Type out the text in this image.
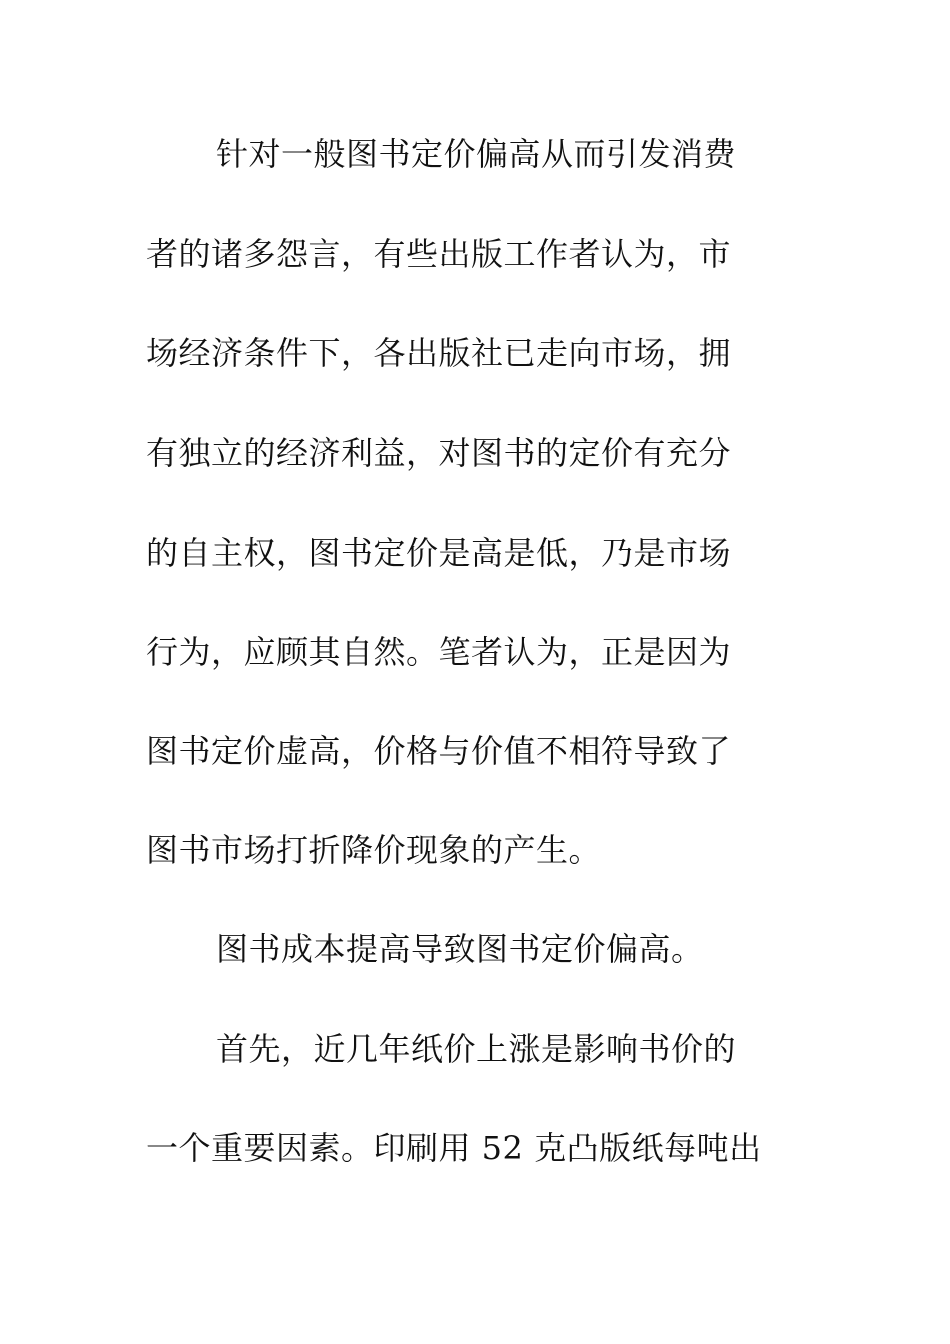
针对一般图书定价偏高从而引发消费
者的诸多怨言，有些出版工作者认为，市
场经济条件下，各出版社已走向市场，拥
有独立的经济利益，对图书的定价有充分
的自主权，图书定价是高是低，乃是市场
行为，应顾其自然。笔者认为，正是因为
图书定价虚高，价格与价值不相符导致了
图书市场打折降价现象的产生。
图书成本提高导致图书定价偏高。
首先，近几年纸价上涨是影响书价的
一个重要因素。印刷用 52 克凸版纸每吨出
